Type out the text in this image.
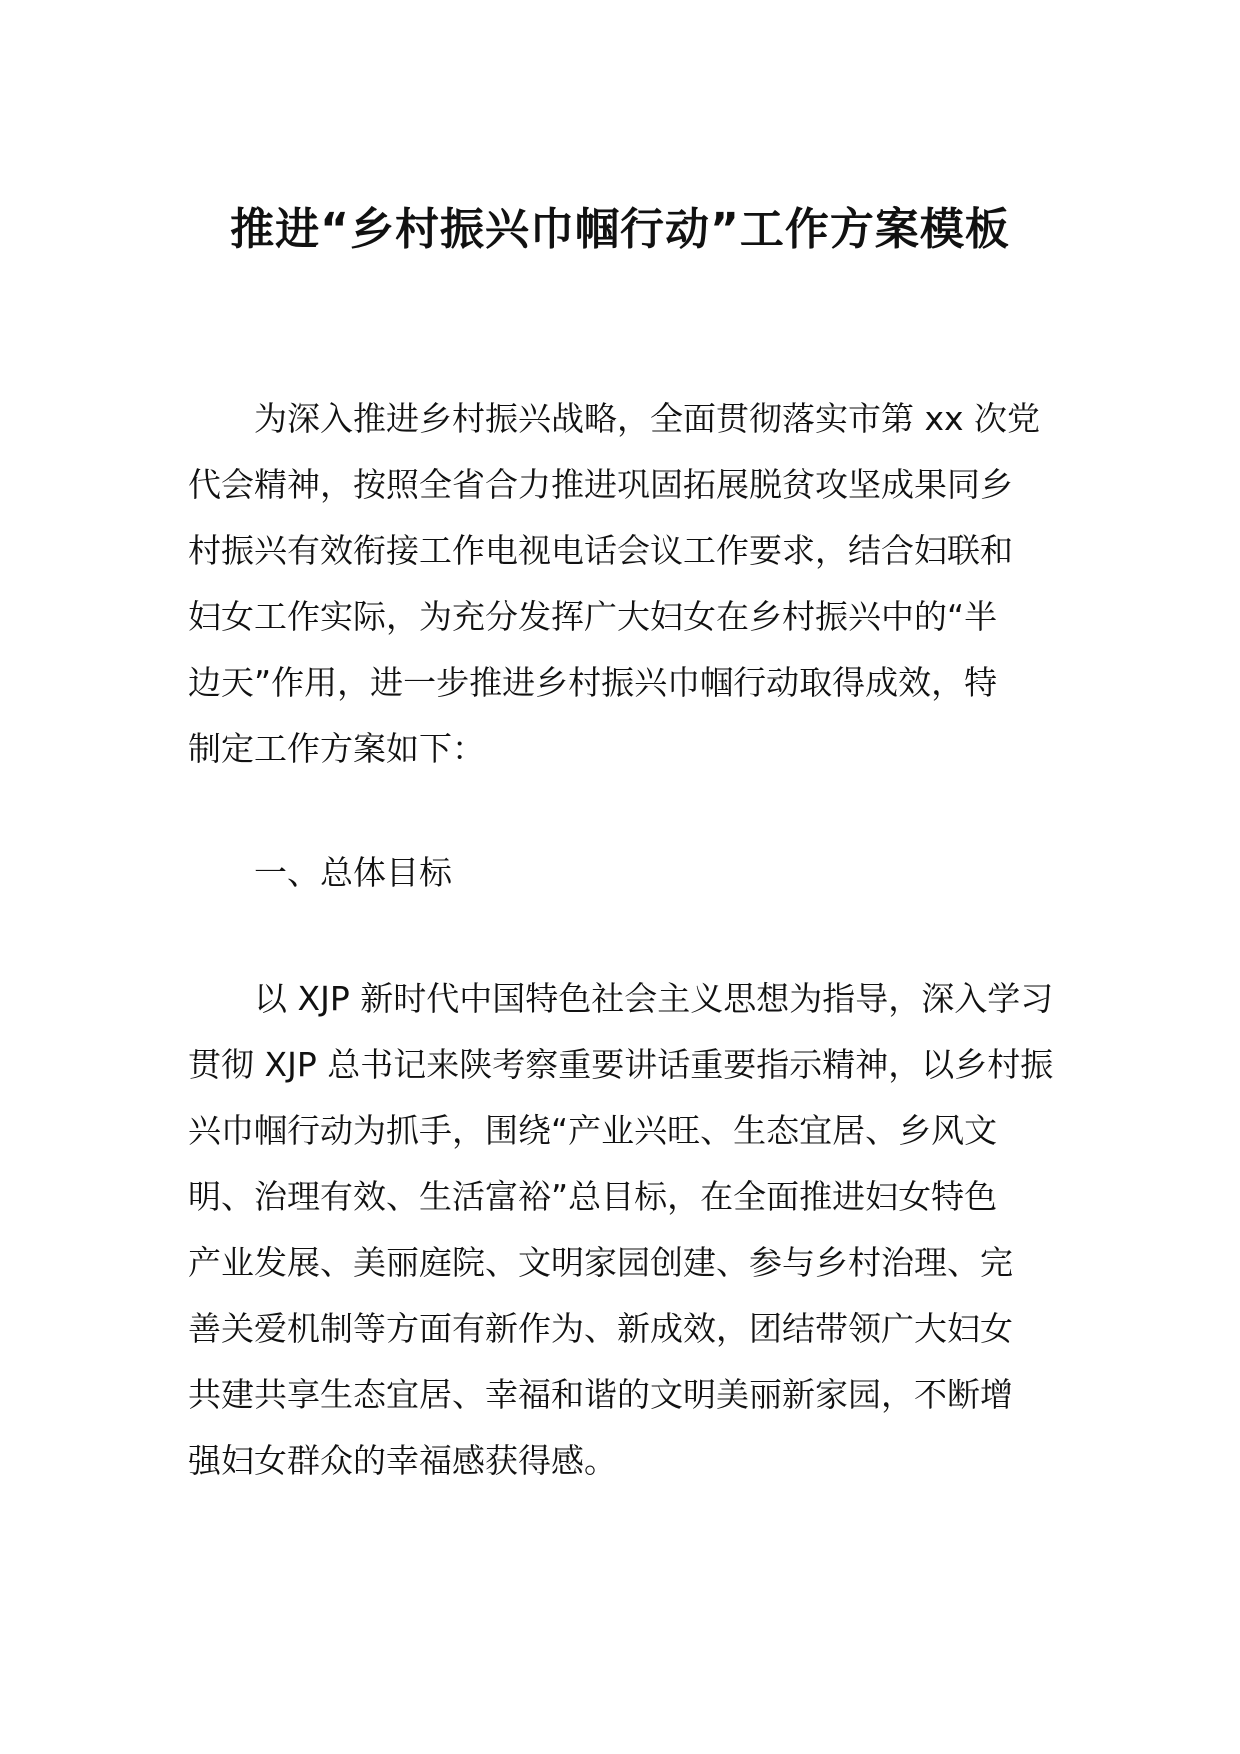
推进“乡村振兴巾帼行动”工作方案模板
为深入推进乡村振兴战略，全面贯彻落实市第 xx 次党
代会精神，按照全省合力推进巩固拓展脱贫攻坚成果同乡
村振兴有效衔接工作电视电话会议工作要求，结合妇联和
妇女工作实际，为充分发挥广大妇女在乡村振兴中的“半
边天”作用，进一步推进乡村振兴巾帼行动取得成效，特
制定工作方案如下：
一、总体目标
以 XJP 新时代中国特色社会主义思想为指导，深入学习
贯彻 XJP 总书记来陕考察重要讲话重要指示精神，以乡村振
兴巾帼行动为抓手，围绕“产业兴旺、生态宜居、乡风文
明、治理有效、生活富裕”总目标，在全面推进妇女特色
产业发展、美丽庭院、文明家园创建、参与乡村治理、完
善关爱机制等方面有新作为、新成效，团结带领广大妇女
共建共享生态宜居、幸福和谐的文明美丽新家园，不断增
强妇女群众的幸福感获得感。
